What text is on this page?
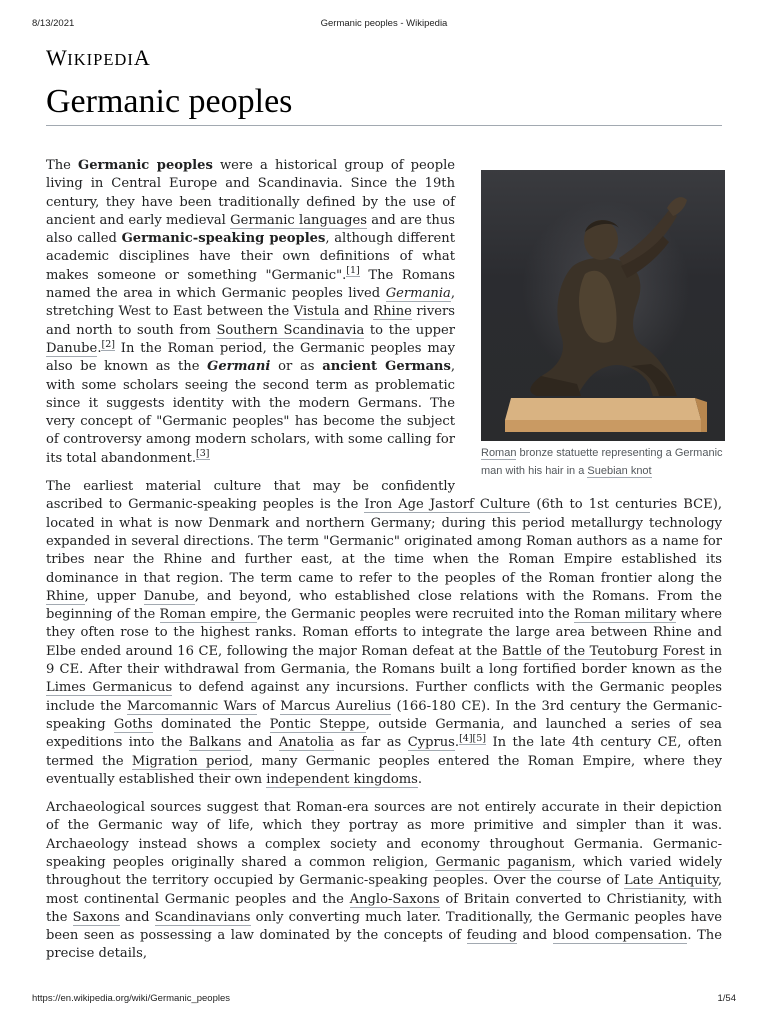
8/13/2021	Germanic peoples - Wikipedia
WIKIPEDIA
Germanic peoples
Roman bronze statuette representing a Germanic man with his hair in a Suebian knot

The Germanic peoples were a historical group of people living in Central Europe and Scandinavia. Since the 19th century, they have been traditionally defined by the use of ancient and early medieval Germanic languages and are thus also called Germanic-speaking peoples, although different academic disciplines have their own definitions of what makes someone or something "Germanic".[1] The Romans named the area in which Germanic peoples lived Germania, stretching West to East between the Vistula and Rhine rivers and north to south from Southern Scandinavia to the upper Danube.[2] In the Roman period, the Germanic peoples may also be known as the Germani or as ancient Germans, with some scholars seeing the second term as problematic since it suggests identity with the modern Germans. The very concept of "Germanic peoples" has become the subject of controversy among modern scholars, with some calling for its total abandonment.[3]

The earliest material culture that may be confidently ascribed to Germanic-speaking peoples is the Iron Age Jastorf Culture (6th to 1st centuries BCE), located in what is now Denmark and northern Germany; during this period metallurgy technology expanded in several directions. The term "Germanic" originated among Roman authors as a name for tribes near the Rhine and further east, at the time when the Roman Empire established its dominance in that region. The term came to refer to the peoples of the Roman frontier along the Rhine, upper Danube, and beyond, who established close relations with the Romans. From the beginning of the Roman empire, the Germanic peoples were recruited into the Roman military where they often rose to the highest ranks. Roman efforts to integrate the large area between Rhine and Elbe ended around 16 CE, following the major Roman defeat at the Battle of the Teutoburg Forest in 9 CE. After their withdrawal from Germania, the Romans built a long fortified border known as the Limes Germanicus to defend against any incursions. Further conflicts with the Germanic peoples include the Marcomannic Wars of Marcus Aurelius (166-180 CE). In the 3rd century the Germanic-speaking Goths dominated the Pontic Steppe, outside Germania, and launched a series of sea expeditions into the Balkans and Anatolia as far as Cyprus.[4][5] In the late 4th century CE, often termed the Migration period, many Germanic peoples entered the Roman Empire, where they eventually established their own independent kingdoms.

Archaeological sources suggest that Roman-era sources are not entirely accurate in their depiction of the Germanic way of life, which they portray as more primitive and simpler than it was. Archaeology instead shows a complex society and economy throughout Germania. Germanic-speaking peoples originally shared a common religion, Germanic paganism, which varied widely throughout the territory occupied by Germanic-speaking peoples. Over the course of Late Antiquity, most continental Germanic peoples and the Anglo-Saxons of Britain converted to Christianity, with the Saxons and Scandinavians only converting much later. Traditionally, the Germanic peoples have been seen as possessing a law dominated by the concepts of feuding and blood compensation. The precise details,

https://en.wikipedia.org/wiki/Germanic_peoples	1/54
